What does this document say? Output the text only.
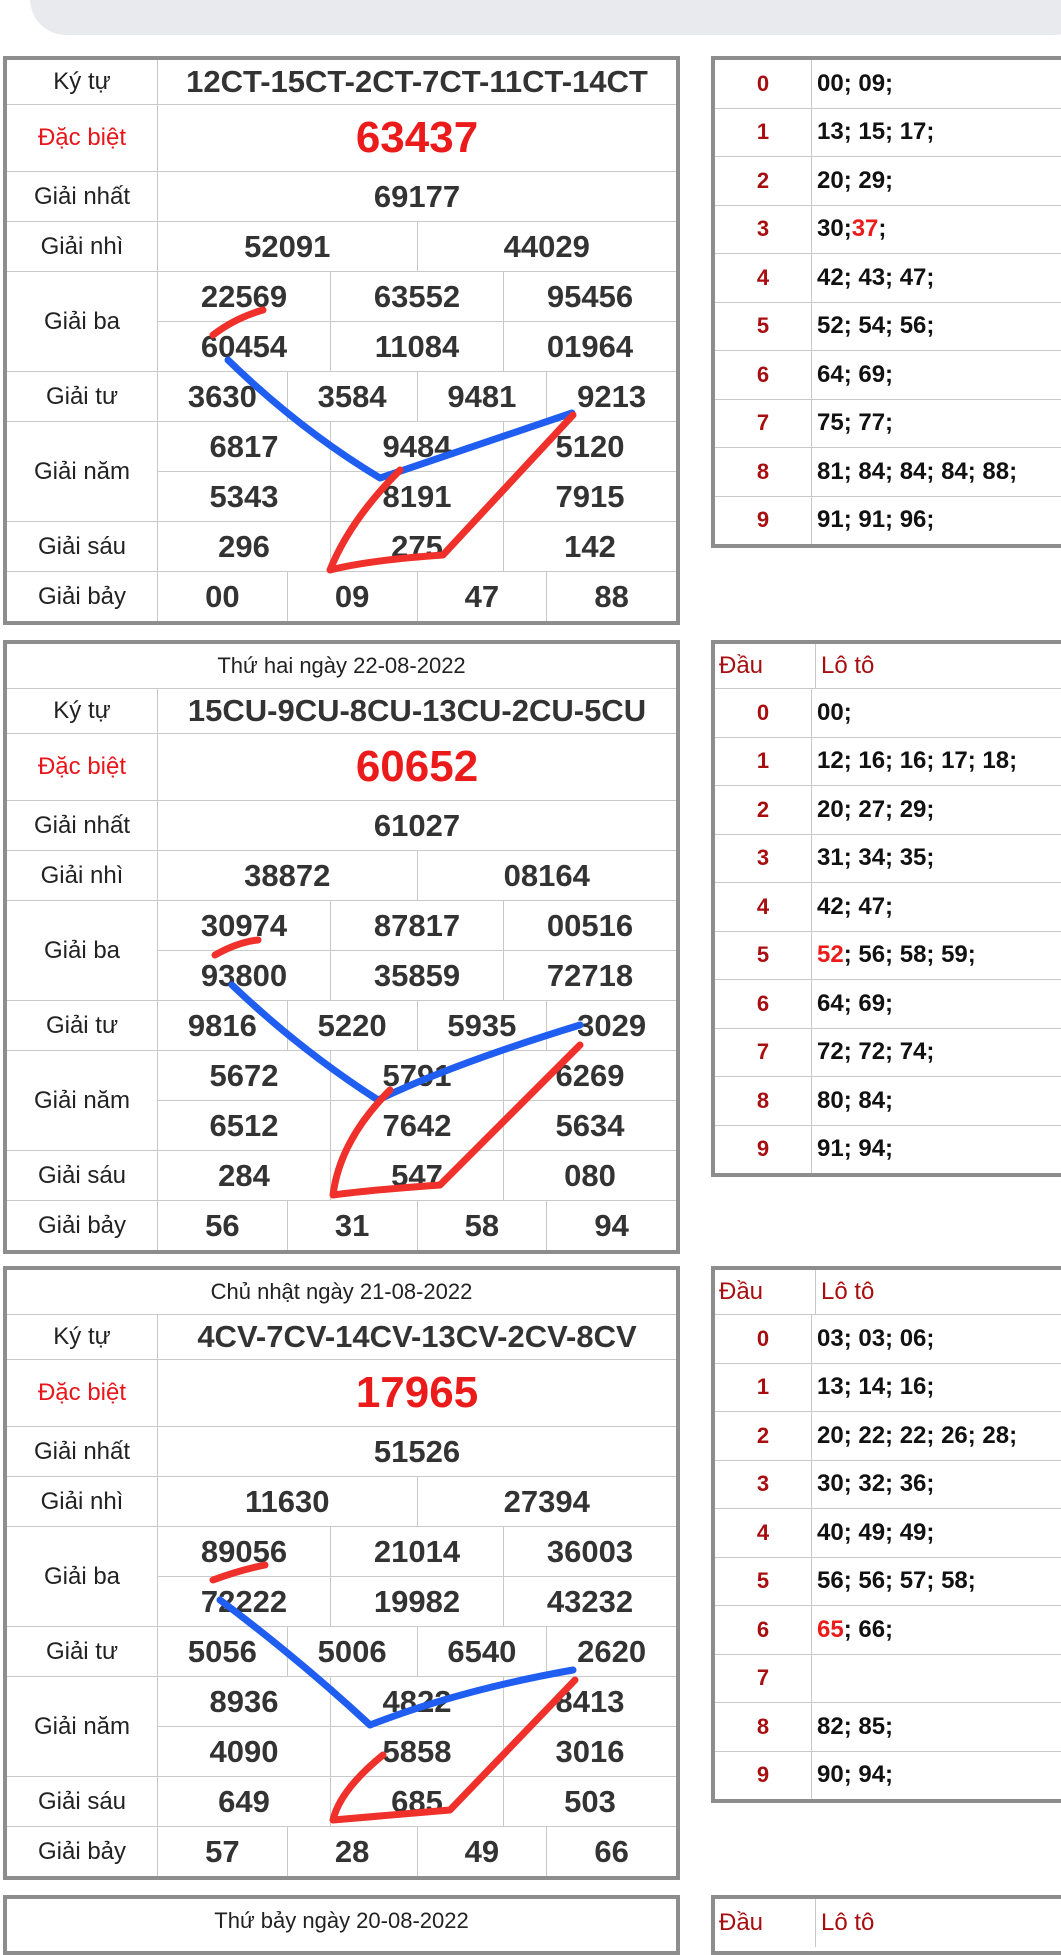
Ký tự	12CT-15CT-2CT-7CT-11CT-14CT
Đặc biệt	63437
Giải nhất	69177
Giải nhì	52091	44029
Giải ba
22569	63552	95456
60454	11084	01964
Giải tư	3630	3584	9481	9213
Giải năm
6817	9484	5120
5343	8191	7915
Giải sáu	296	275	142
Giải bảy	00	09	47	88
0	00; 09;
1	13; 15; 17;
2	20; 29;
3	30; 37 ;
4	42; 43; 47;
5	52; 54; 56;
6	64; 69;
7	75; 77;
8	81; 84; 84; 84; 88;
9	91; 91; 96;
Thứ hai ngày 22-08-2022
Ký tự	15CU-9CU-8CU-13CU-2CU-5CU
Đặc biệt	60652
Giải nhất	61027
Giải nhì	38872	08164
Giải ba
30974	87817	00516
93800	35859	72718
Giải tư	9816	5220	5935	3029
Giải năm
5672	5791	6269
6512	7642	5634
Giải sáu	284	547	080
Giải bảy	56	31	58	94
Đầu	Lô tô
0	00;
1	12; 16; 16; 17; 18;
2	20; 27; 29;
3	31; 34; 35;
4	42; 47;
5	52 ; 56; 58; 59;
6	64; 69;
7	72; 72; 74;
8	80; 84;
9	91; 94;
Chủ nhật ngày 21-08-2022
Ký tự	4CV-7CV-14CV-13CV-2CV-8CV
Đặc biệt	17965
Giải nhất	51526
Giải nhì	11630	27394
Giải ba
89056	21014	36003
72222	19982	43232
Giải tư	5056	5006	6540	2620
Giải năm
8936	4822	8413
4090	5858	3016
Giải sáu	649	685	503
Giải bảy	57	28	49	66
Đầu	Lô tô
0	03; 03; 06;
1	13; 14; 16;
2	20; 22; 22; 26; 28;
3	30; 32; 36;
4	40; 49; 49;
5	56; 56; 57; 58;
6	65 ; 66;
7
8	82; 85;
9	90; 94;
Thứ bảy ngày 20-08-2022	Đầu	Lô tô
